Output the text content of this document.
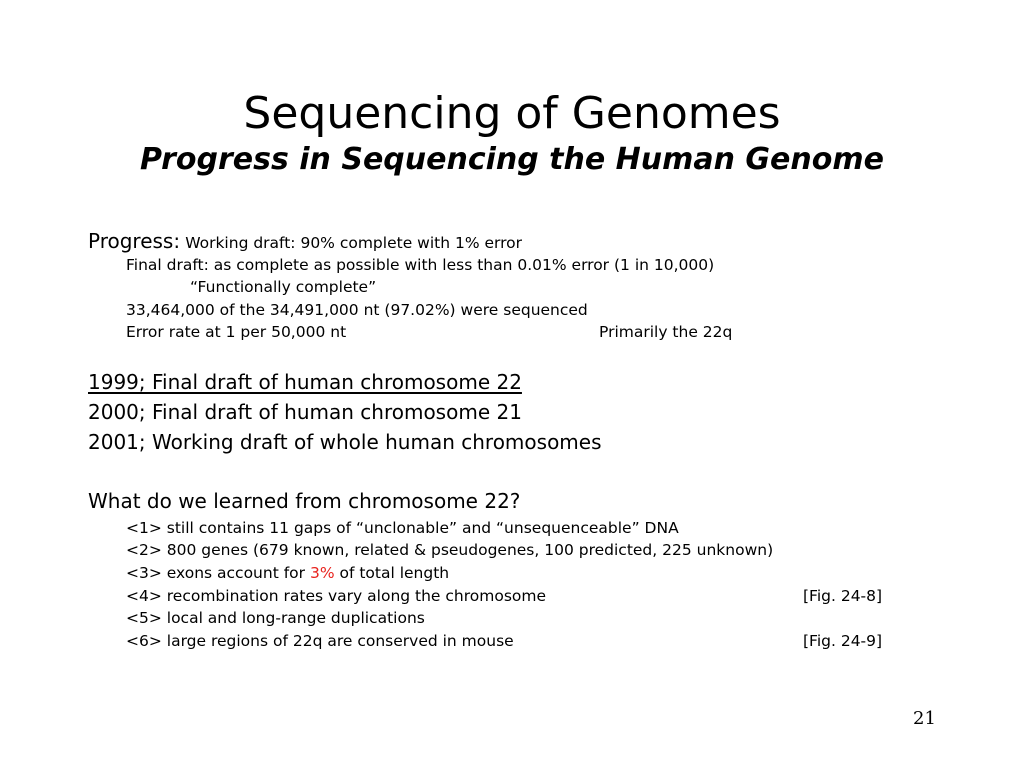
Sequencing of Genomes
Progress in Sequencing the Human Genome
Progress: Working draft: 90% complete with 1% error
Final draft: as complete as possible with less than 0.01% error (1 in 10,000)
“Functionally complete”
33,464,000 of the 34,491,000 nt (97.02%) were sequenced
Error rate at 1 per 50,000 nt	Primarily the 22q
1999; Final draft of human chromosome 22
2000; Final draft of human chromosome 21
2001; Working draft of whole human chromosomes
What do we learned from chromosome 22?
<1> still contains 11 gaps of “unclonable” and “unsequenceable” DNA
<2> 800 genes (679 known, related & pseudogenes, 100 predicted, 225 unknown)
<3> exons account for 3% of total length
<4> recombination rates vary along the chromosome	[Fig. 24-8]
<5> local and long-range duplications
<6> large regions of 22q are conserved in mouse	[Fig. 24-9]
21
